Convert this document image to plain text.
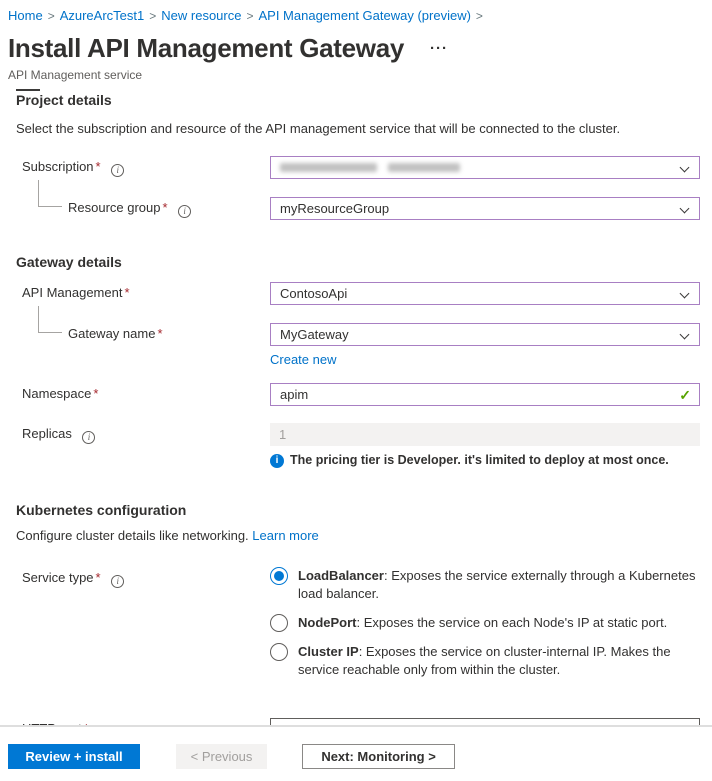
Home > AzureArcTest1 > New resource > API Management Gateway (preview) >
Install API Management Gateway ···
API Management service
Project details
Select the subscription and resource of the API management service that will be connected to the cluster.
Subscription * i
Resource group * i	myResourceGroup
Gateway details
API Management *	ContosoApi
Gateway name *	MyGateway
Create new
Namespace *	apim	✓
Replicas i	1
i The pricing tier is Developer. it's limited to deploy at most once.
Kubernetes configuration
Configure cluster details like networking. Learn more
Service type * i	LoadBalancer: Exposes the service externally through a Kubernetes load balancer.
NodePort: Exposes the service on each Node's IP at static port.
Cluster IP: Exposes the service on cluster-internal IP. Makes the service reachable only from within the cluster.
Review + install	< Previous	Next: Monitoring >
